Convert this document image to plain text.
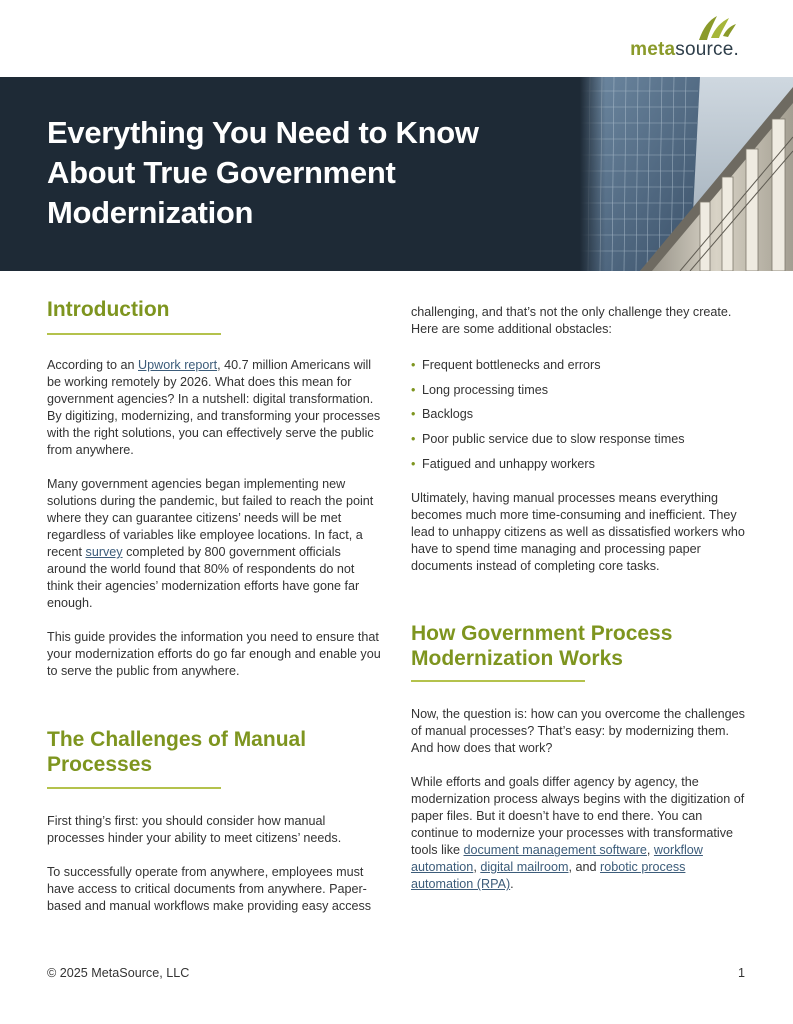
metasource.
Everything You Need to Know
About True Government
Modernization
Introduction

According to an Upwork report, 40.7 million Americans will be working remotely by 2026. What does this mean for government agencies? In a nutshell: digital transformation. By digitizing, modernizing, and transforming your processes with the right solutions, you can effectively serve the public from anywhere.

Many government agencies began implementing new solutions during the pandemic, but failed to reach the point where they can guarantee citizens’ needs will be met regardless of variables like employee locations. In fact, a recent survey completed by 800 government officials around the world found that 80% of respondents do not think their agencies’ modernization efforts have gone far enough.

This guide provides the information you need to ensure that your modernization efforts do go far enough and enable you to serve the public from anywhere.

The Challenges of Manual
Processes

First thing’s first: you should consider how manual processes hinder your ability to meet citizens’ needs.

To successfully operate from anywhere, employees must have access to critical documents from anywhere. Paper-based and manual workflows make providing easy access

challenging, and that’s not the only challenge they create. Here are some additional obstacles:

• Frequent bottlenecks and errors
• Long processing times
• Backlogs
• Poor public service due to slow response times
• Fatigued and unhappy workers

Ultimately, having manual processes means everything becomes much more time-consuming and inefficient. They lead to unhappy citizens as well as dissatisfied workers who have to spend time managing and processing paper documents instead of completing core tasks.

How Government Process
Modernization Works

Now, the question is: how can you overcome the challenges of manual processes? That’s easy: by modernizing them. And how does that work?

While efforts and goals differ agency by agency, the modernization process always begins with the digitization of paper files. But it doesn’t have to end there. You can continue to modernize your processes with transformative tools like document management software, workflow automation, digital mailroom, and robotic process automation (RPA).

© 2025 MetaSource, LLC	1
